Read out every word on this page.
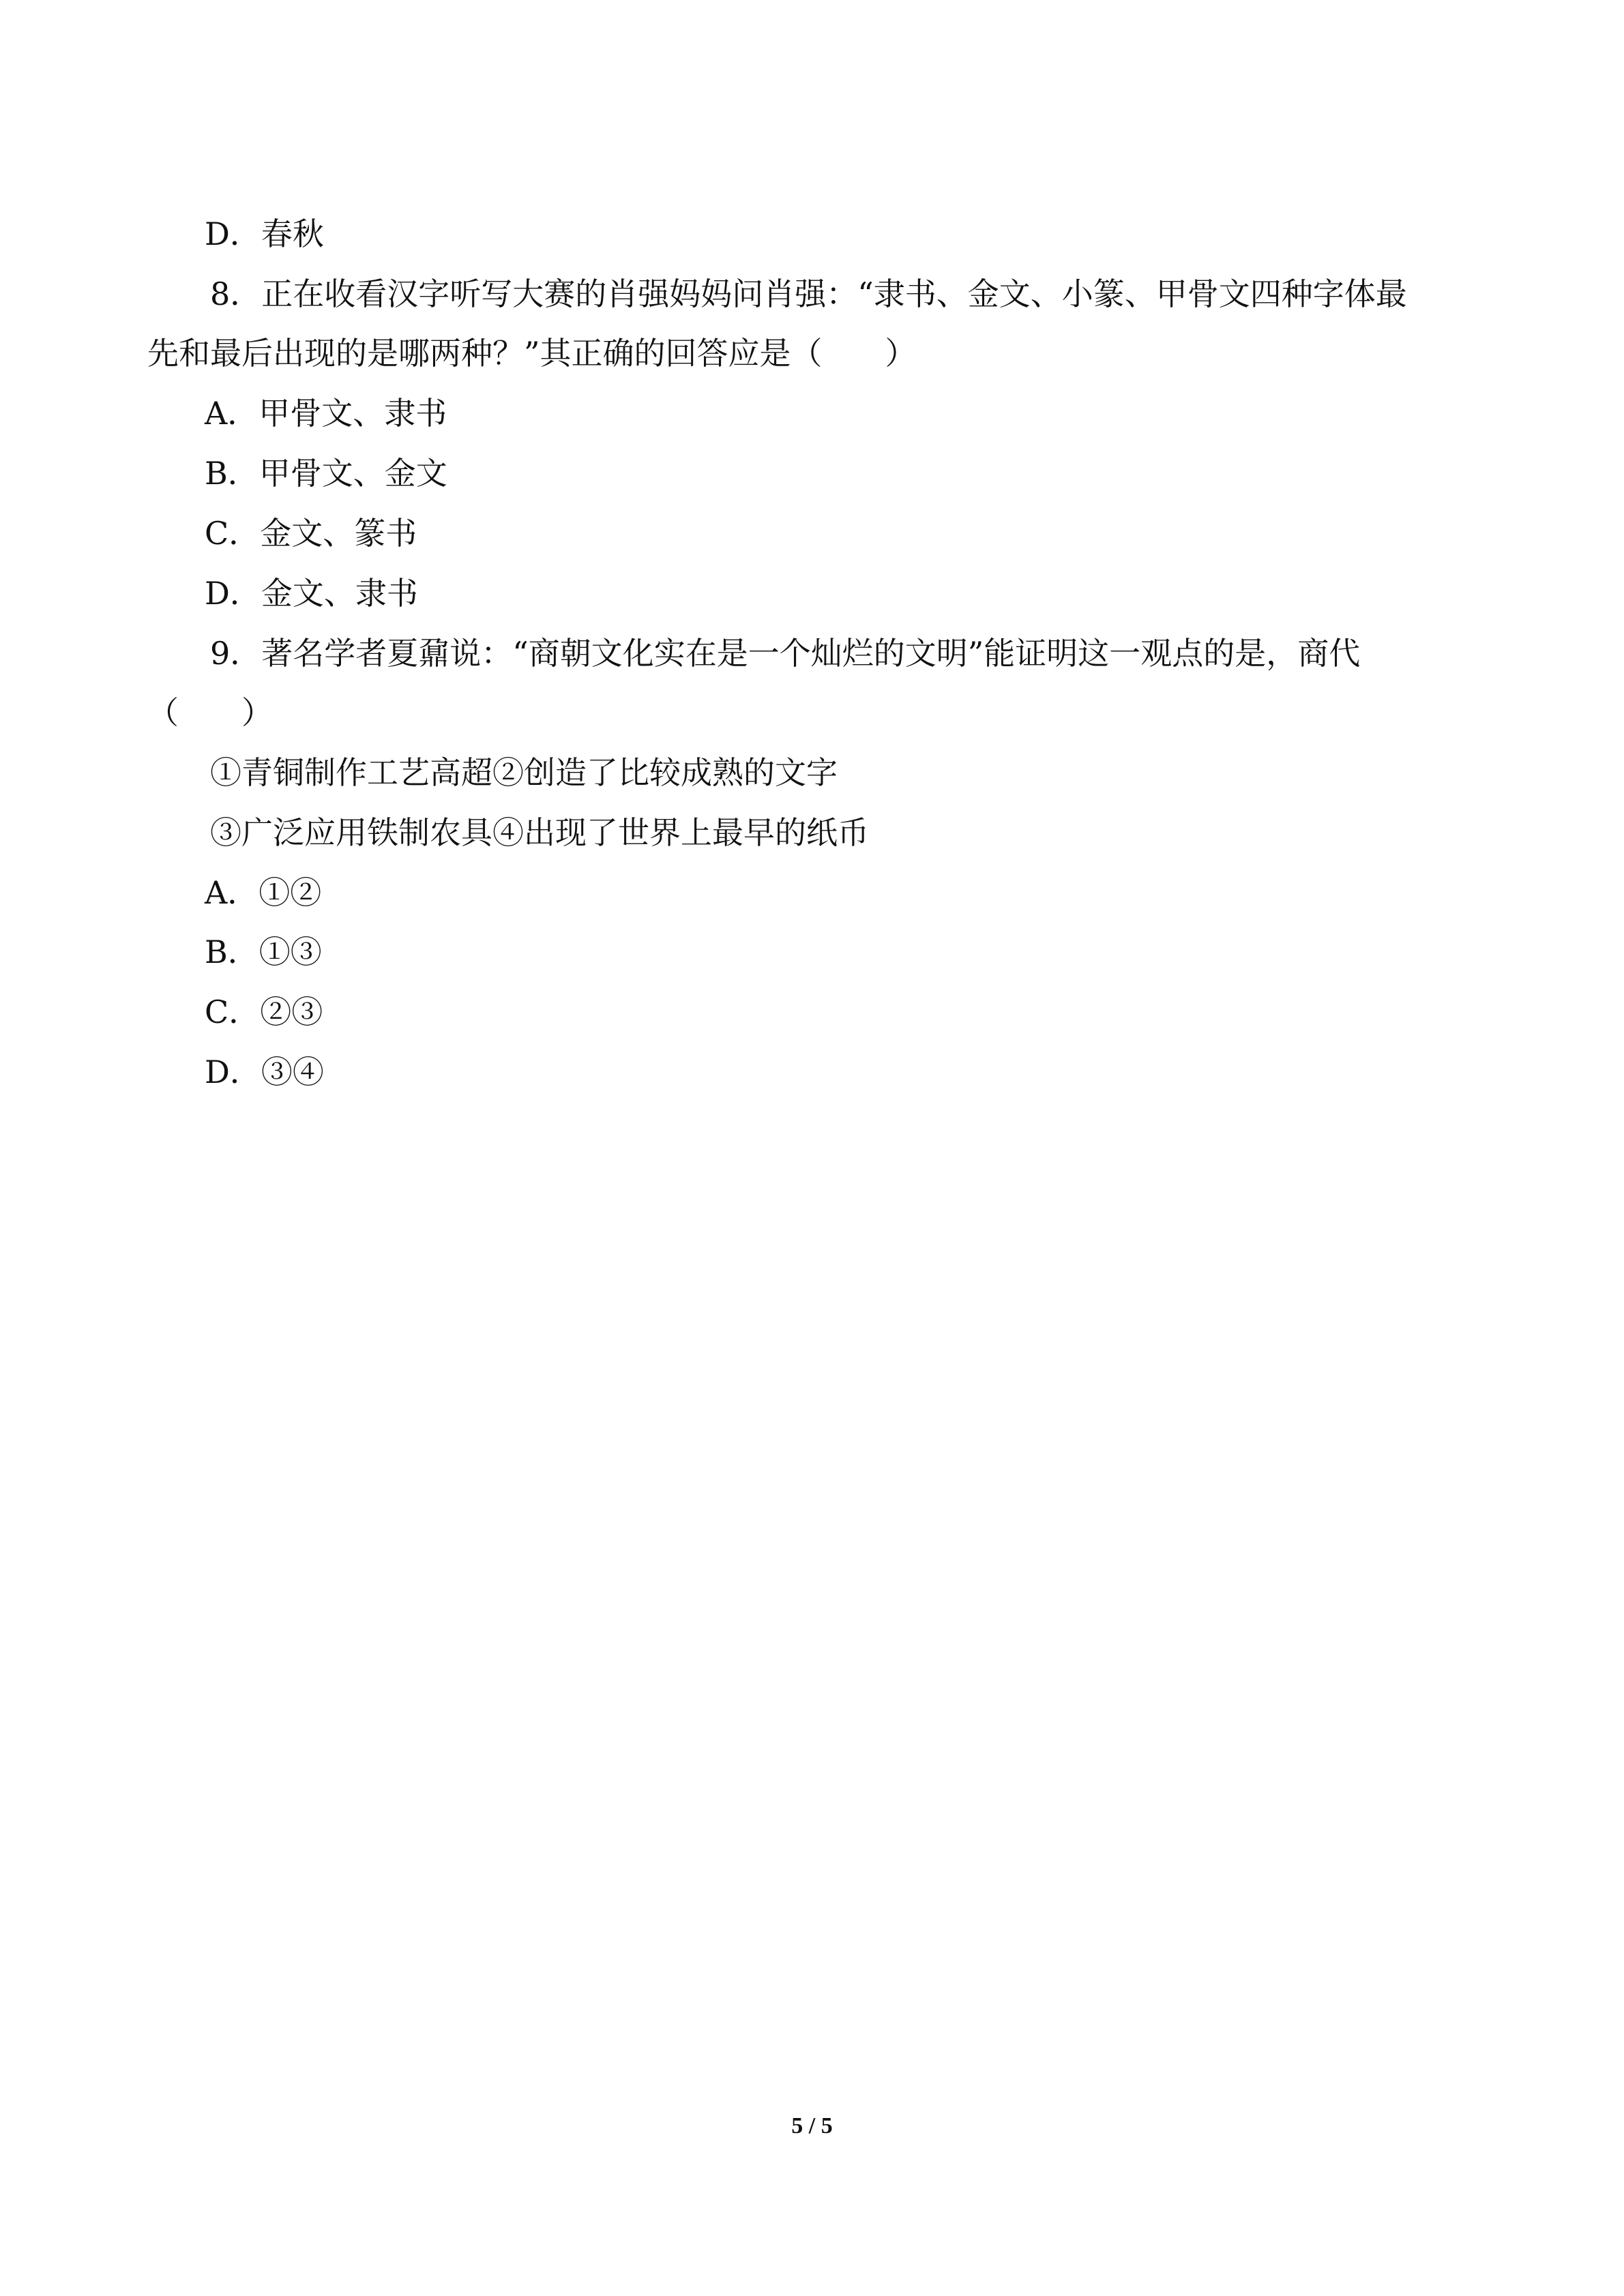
D．春秋
8．正在收看汉字听写大赛的肖强妈妈问肖强：“隶书、金文、小篆、甲骨文四种字体最
先和最后出现的是哪两种？”其正确的回答应是（　　）
A．甲骨文、隶书
B．甲骨文、金文
C．金文、篆书
D．金文、隶书
9．著名学者夏鼐说：“商朝文化实在是一个灿烂的文明”能证明这一观点的是，商代
（　　）
①青铜制作工艺高超②创造了比较成熟的文字
③广泛应用铁制农具④出现了世界上最早的纸币
A．①②
B．①③
C．②③
D．③④
5 / 5
